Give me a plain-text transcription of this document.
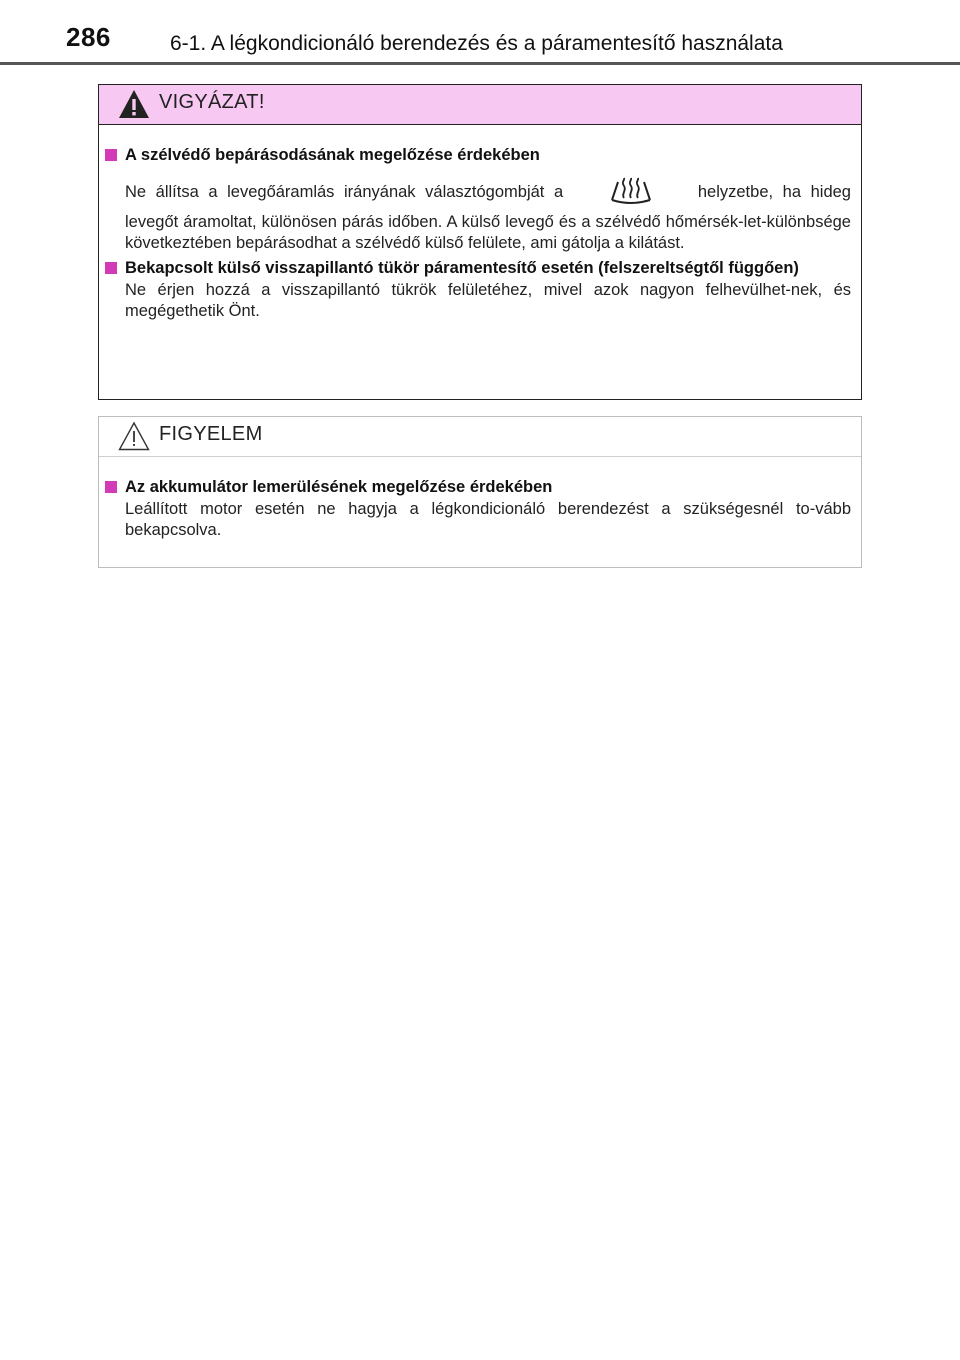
286	6-1. A légkondicionáló berendezés és a páramentesítő használata
VIGYÁZAT!
A szélvédő bepárásodásának megelőzése érdekében
Ne állítsa a levegőáramlás irányának választógombját a	helyzetbe, ha hideg
levegőt áramoltat, különösen párás időben. A külső levegő és a szélvédő hőmérsék-let-különbsége következtében bepárásodhat a szélvédő külső felülete, ami gátolja a kilátást.
Bekapcsolt külső visszapillantó tükör páramentesítő esetén (felszereltségtől függően)
Ne érjen hozzá a visszapillantó tükrök felületéhez, mivel azok nagyon felhevülhet-nek, és megégethetik Önt.
FIGYELEM
Az akkumulátor lemerülésének megelőzése érdekében
Leállított motor esetén ne hagyja a légkondicionáló berendezést a szükségesnél to-vább bekapcsolva.
